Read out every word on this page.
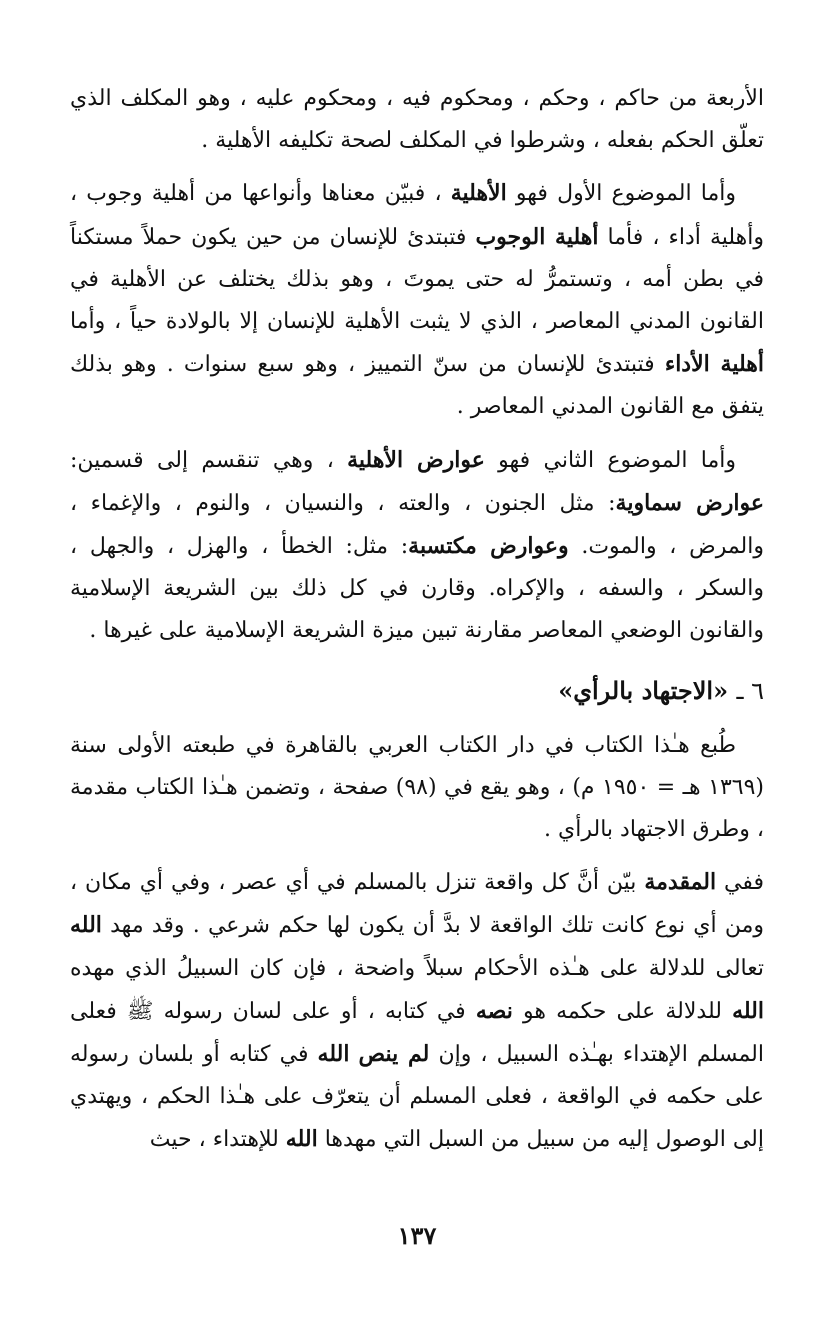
الأربعة من حاكم ، وحكم ، ومحكوم فيه ، ومحكوم عليه ، وهو المكلف الذي تعلّق الحكم بفعله ، وشرطوا في المكلف لصحة تكليفه الأهلية .

وأما الموضوع الأول فهو الأهلية ، فبيّن معناها وأنواعها من أهلية وجوب ، وأهلية أداء ، فأما أهلية الوجوب فتبتدئ للإنسان من حين يكون حملاً مستكناً في بطن أمه ، وتستمرُّ له حتى يموتَ ، وهو بذلك يختلف عن الأهلية في القانون المدني المعاصر ، الذي لا يثبت الأهلية للإنسان إلا بالولادة حياً ، وأما أهلية الأداء فتبتدئ للإنسان من سنّ التمييز ، وهو سبع سنوات . وهو بذلك يتفق مع القانون المدني المعاصر .

وأما الموضوع الثاني فهو عوارض الأهلية ، وهي تنقسم إلى قسمين: عوارض سماوية: مثل الجنون ، والعته ، والنسيان ، والنوم ، والإغماء ، والمرض ، والموت. وعوارض مكتسبة: مثل: الخطأ ، والهزل ، والجهل ، والسكر ، والسفه ، والإكراه. وقارن في كل ذلك بين الشريعة الإسلامية والقانون الوضعي المعاصر مقارنة تبين ميزة الشريعة الإسلامية على غيرها .

٦ ـ «الاجتهاد بالرأي»

طُبع هـٰذا الكتاب في دار الكتاب العربي بالقاهرة في طبعته الأولى سنة (١٣٦٩ هـ = ١٩٥٠ م) ، وهو يقع في (٩٨) صفحة ، وتضمن هـٰذا الكتاب مقدمة ، وطرق الاجتهاد بالرأي .

ففي المقدمة بيّن أنَّ كل واقعة تنزل بالمسلم في أي عصر ، وفي أي مكان ، ومن أي نوع كانت تلك الواقعة لا بدَّ أن يكون لها حكم شرعي . وقد مهد الله تعالى للدلالة على هـٰذه الأحكام سبلاً واضحة ، فإن كان السبيلُ الذي مهده الله للدلالة على حكمه هو نصه في كتابه ، أو على لسان رسوله ﷺ فعلى المسلم الإهتداء بهـٰذه السبيل ، وإن لم ينص الله في كتابه أو بلسان رسوله على حكمه في الواقعة ، فعلى المسلم أن يتعرّف على هـٰذا الحكم ، ويهتدي إلى الوصول إليه من سبيل من السبل التي مهدها الله للإهتداء ، حيث

١٣٧
